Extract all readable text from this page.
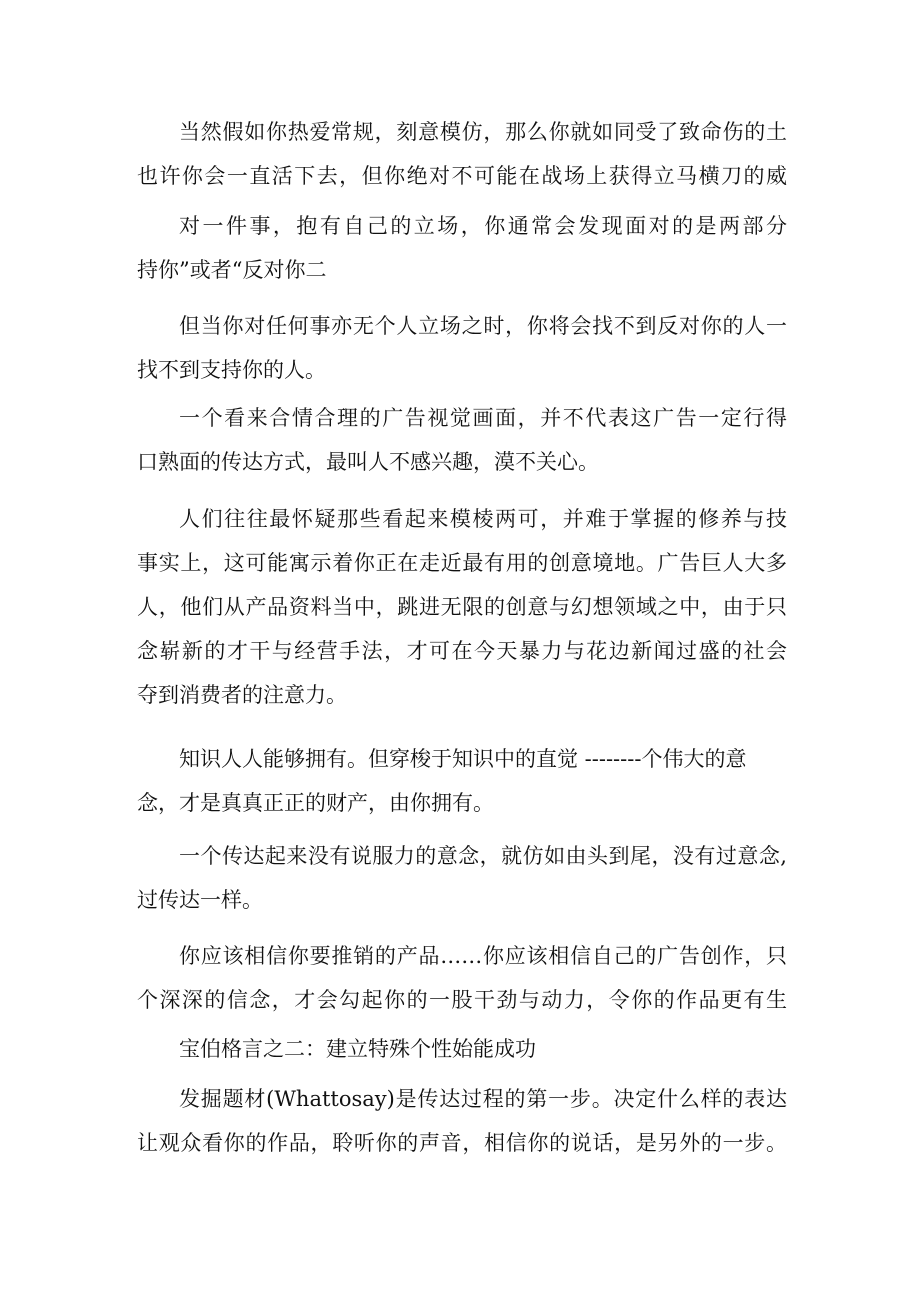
当然假如你热爱常规，刻意模仿，那么你就如同受了致命伤的土
也许你会一直活下去，但你绝对不可能在战场上获得立马横刀的威
对一件事，抱有自己的立场，你通常会发现面对的是两部分
持你”或者“反对你二
但当你对任何事亦无个人立场之时，你将会找不到反对你的人一
找不到支持你的人。
一个看来合情合理的广告视觉画面，并不代表这广告一定行得
口熟面的传达方式，最叫人不感兴趣，漠不关心。
人们往往最怀疑那些看起来模棱两可，并难于掌握的修养与技
事实上，这可能寓示着你正在走近最有用的创意境地。广告巨人大多
人，他们从产品资料当中，跳进无限的创意与幻想领域之中，由于只
念崭新的才干与经营手法，才可在今天暴力与花边新闻过盛的社会
夺到消费者的注意力。
知识人人能够拥有。但穿梭于知识中的直觉 --------个伟大的意
念，才是真真正正的财产，由你拥有。
一个传达起来没有说服力的意念，就仿如由头到尾，没有过意念,
过传达一样。
你应该相信你要推销的产品……你应该相信自己的广告创作，只
个深深的信念，才会勾起你的一股干劲与动力，令你的作品更有生
宝伯格言之二：建立特殊个性始能成功
发掘题材(Whattosay)是传达过程的第一步。决定什么样的表达
让观众看你的作品，聆听你的声音，相信你的说话，是另外的一步。
